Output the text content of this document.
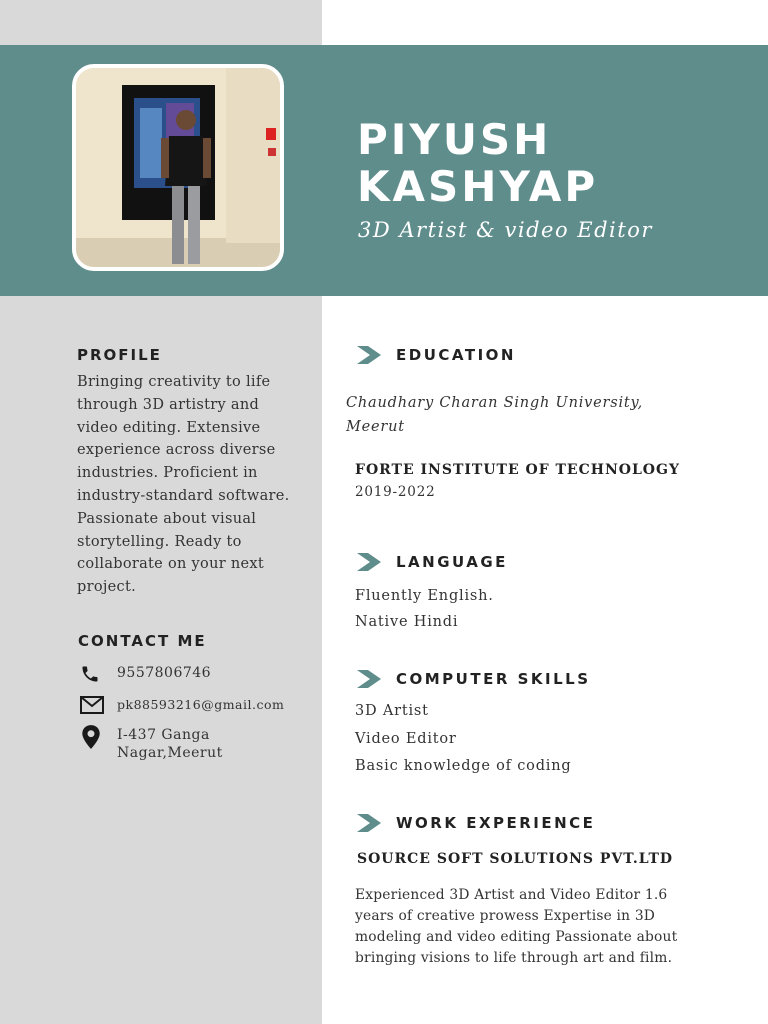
PIYUSH
KASHYAP
3D Artist & video Editor
PROFILE
Bringing creativity to life through 3D artistry and video editing. Extensive experience across diverse industries. Proficient in industry-standard software. Passionate about visual storytelling. Ready to collaborate on your next project.
CONTACT ME
9557806746
pk88593216@gmail.com
I-437 Ganga
Nagar,Meerut
EDUCATION
Chaudhary Charan Singh University,
Meerut
FORTE INSTITUTE OF TECHNOLOGY
2019-2022
LANGUAGE
Fluently English.
Native Hindi
COMPUTER SKILLS
3D Artist
Video Editor
Basic knowledge of coding
WORK EXPERIENCE
SOURCE SOFT SOLUTIONS PVT.LTD
Experienced 3D Artist and Video Editor 1.6 years of creative prowess Expertise in 3D modeling and video editing Passionate about bringing visions to life through art and film.
